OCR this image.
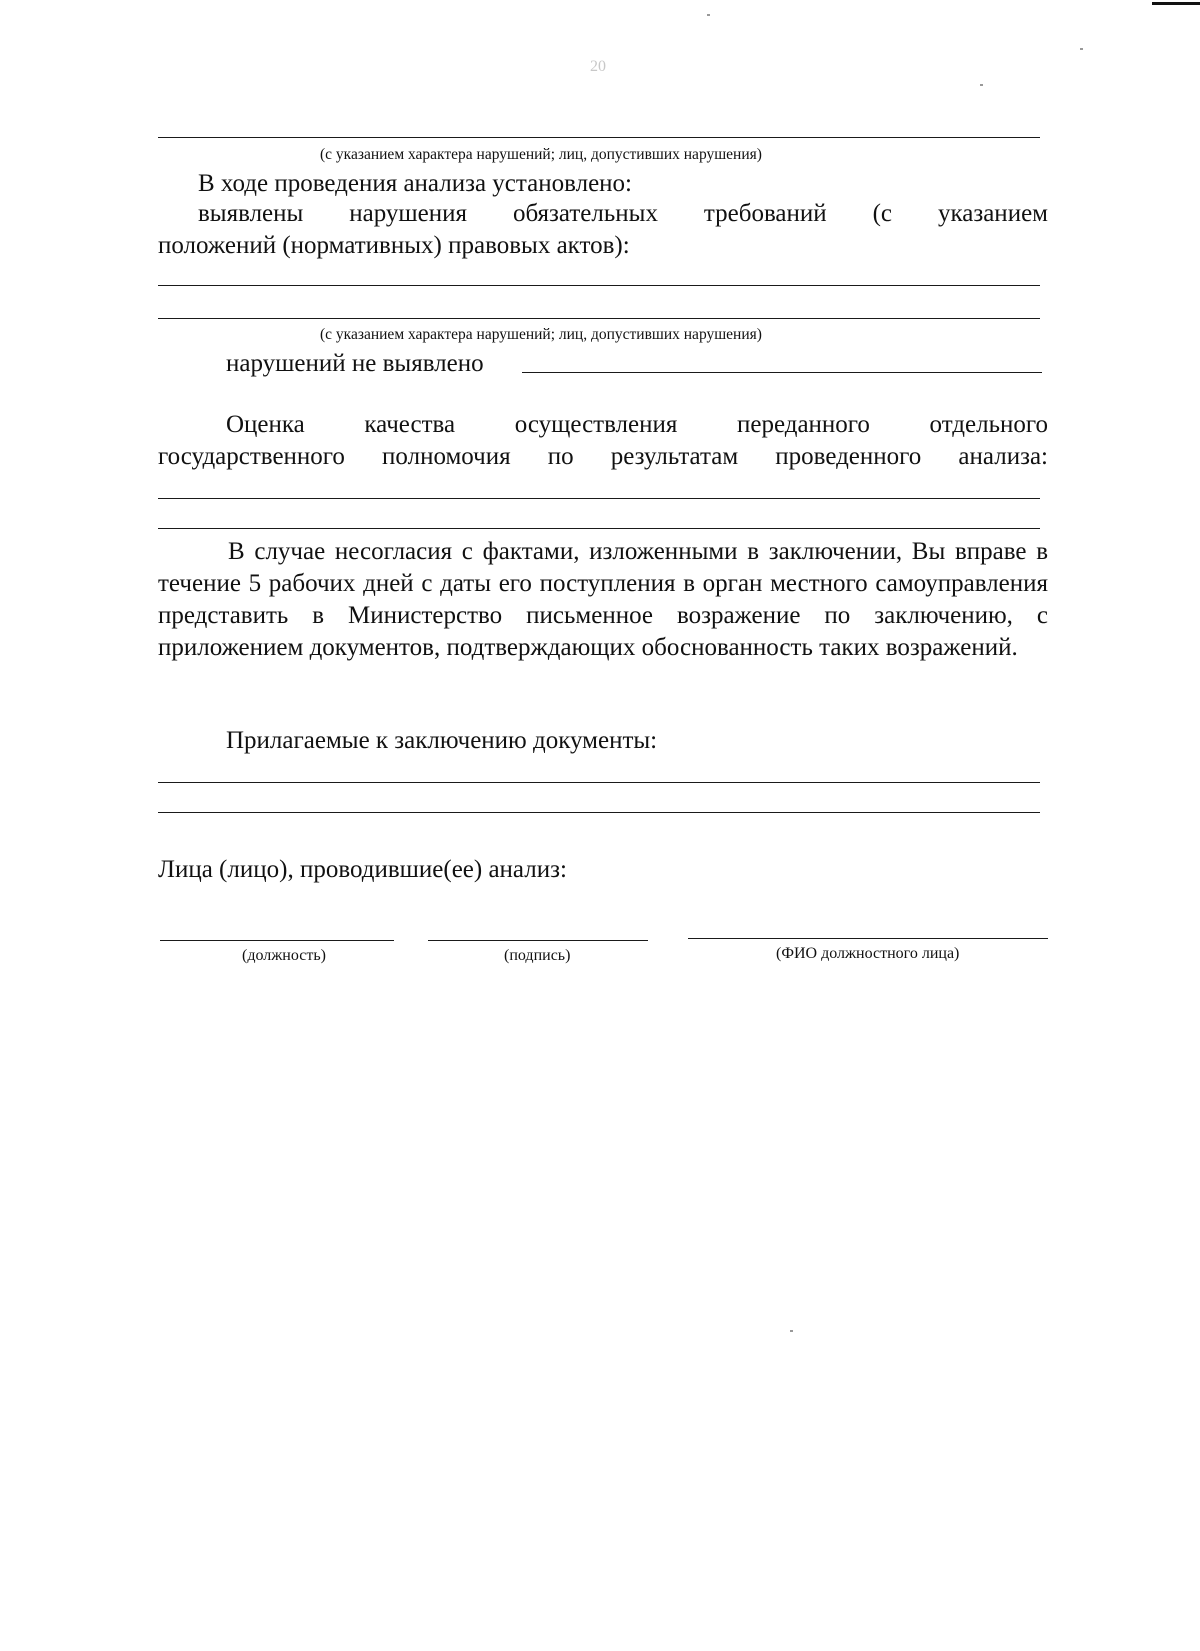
20
(с указанием характера нарушений; лиц, допустивших нарушения)
В ходе проведения анализа установлено:
выявлены нарушения обязательных требований (с указанием
положений (нормативных) правовых актов):
(с указанием характера нарушений; лиц, допустивших нарушения)
нарушений не выявлено
Оценка качества осуществления переданного отдельного
государственного полномочия по результатам проведенного анализа:
В случае несогласия с фактами, изложенными в заключении, Вы вправе в течение 5 рабочих дней с даты его поступления в орган местного самоуправления представить в Министерство письменное возражение по заключению, с приложением документов, подтверждающих обоснованность таких возражений.
Прилагаемые к заключению документы:
Лица (лицо), проводившие(ее) анализ:
(должность)	(подпись)	(ФИО должностного лица)
